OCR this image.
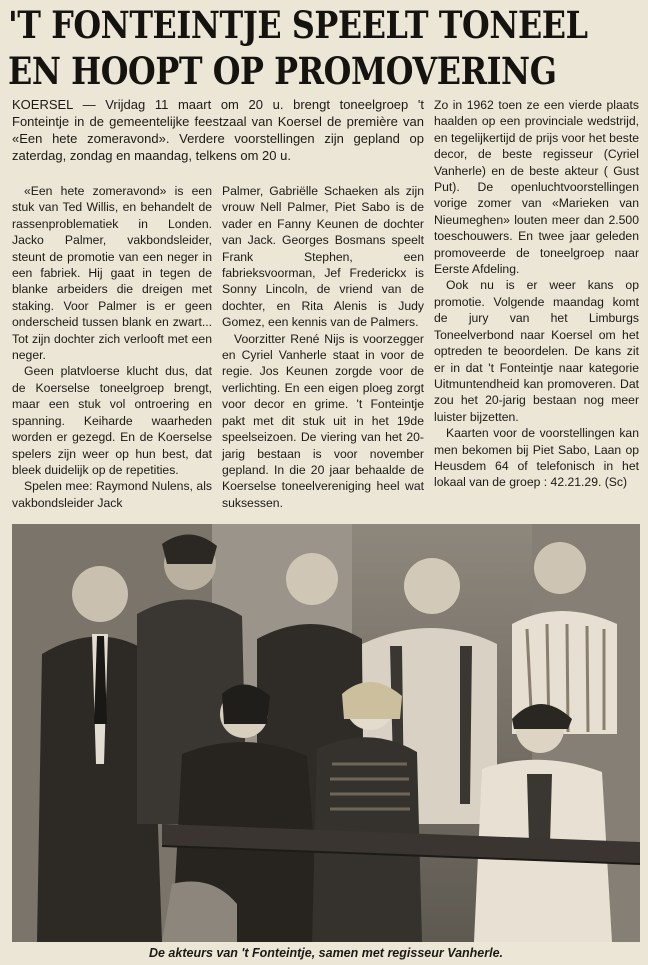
'T FONTEINTJE SPEELT TONEEL
EN HOOPT OP PROMOVERING

KOERSEL — Vrijdag 11 maart om 20 u. brengt toneelgroep 't Fonteintje in de gemeentelijke feestzaal van Koersel de première van «Een hete zomeravond». Verdere voorstellingen zijn gepland op zaterdag, zondag en maandag, telkens om 20 u.

«Een hete zomeravond» is een stuk van Ted Willis, en behandelt de rassenproblematiek in Londen. Jacko Palmer, vakbondsleider, steunt de promotie van een neger in een fabriek. Hij gaat in tegen de blanke arbeiders die dreigen met staking. Voor Palmer is er geen onderscheid tussen blank en zwart... Tot zijn dochter zich verlooft met een neger.

Geen platvloerse klucht dus, dat de Koerselse toneelgroep brengt, maar een stuk vol ontroering en spanning. Keiharde waarheden worden er gezegd. En de Koerselse spelers zijn weer op hun best, dat bleek duidelijk op de repetities.

Spelen mee: Raymond Nulens, als vakbondsleider Jack

Palmer, Gabriëlle Schaeken als zijn vrouw Nell Palmer, Piet Sabo is de vader en Fanny Keunen de dochter van Jack. Georges Bosmans speelt Frank Stephen, een fabrieksvoorman, Jef Frederickx is Sonny Lincoln, de vriend van de dochter, en Rita Alenis is Judy Gomez, een kennis van de Palmers.

Voorzitter René Nijs is voorzegger en Cyriel Vanherle staat in voor de regie. Jos Keunen zorgde voor de verlichting. En een eigen ploeg zorgt voor decor en grime. 't Fonteintje pakt met dit stuk uit in het 19de speelseizoen. De viering van het 20-jarig bestaan is voor november gepland. In die 20 jaar behaalde de Koerselse toneelvereniging heel wat suksessen.

Zo in 1962 toen ze een vierde plaats haalden op een provinciale wedstrijd, en tegelijkertijd de prijs voor het beste decor, de beste regisseur (Cyriel Vanherle) en de beste akteur ( Gust Put). De openluchtvoorstellingen vorige zomer van «Marieken van Nieumeghen» louten meer dan 2.500 toeschouwers. En twee jaar geleden promoveerde de toneelgroep naar Eerste Afdeling.

Ook nu is er weer kans op promotie. Volgende maandag komt de jury van het Limburgs Toneelverbond naar Koersel om het optreden te beoordelen. De kans zit er in dat 't Fonteintje naar kategorie Uitmuntendheid kan promoveren. Dat zou het 20-jarig bestaan nog meer luister bijzetten.

Kaarten voor de voorstellingen kan men bekomen bij Piet Sabo, Laan op Heusdem 64 of telefonisch in het lokaal van de groep : 42.21.29. (Sc)

De akteurs van 't Fonteintje, samen met regisseur Vanherle.
